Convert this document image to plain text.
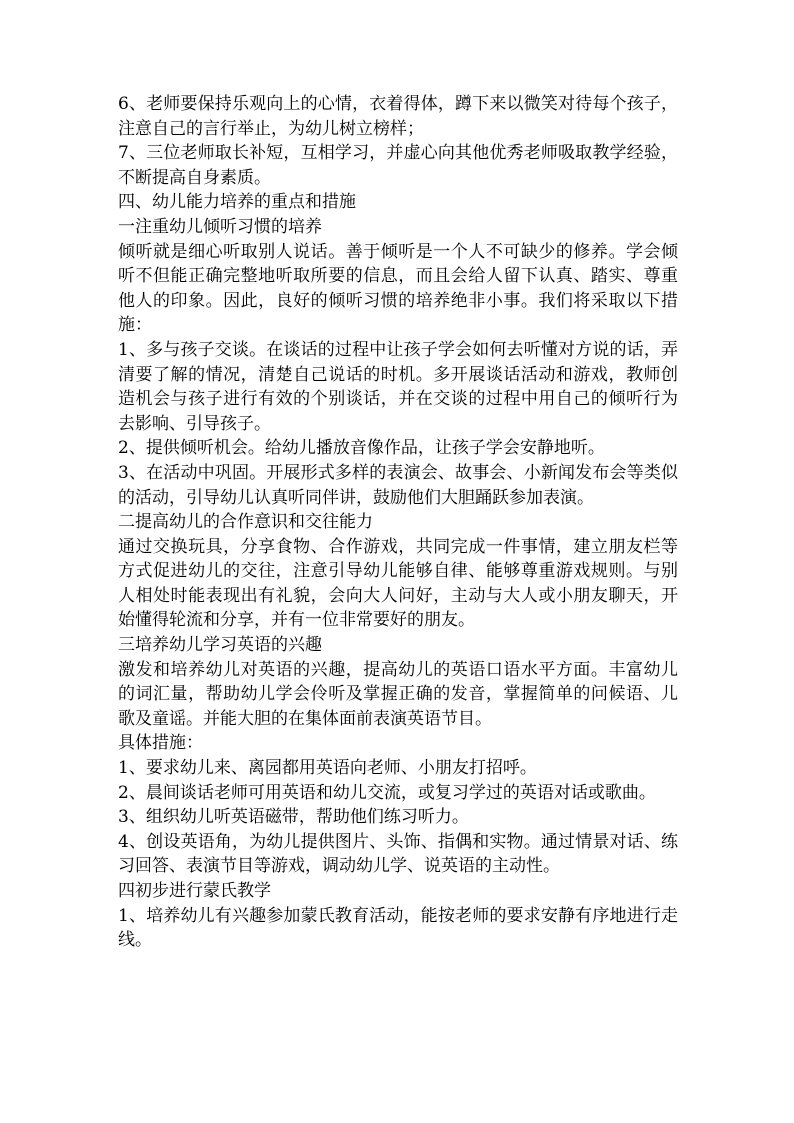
6、老师要保持乐观向上的心情，衣着得体，蹲下来以微笑对待每个孩子，注意自己的言行举止，为幼儿树立榜样；

7、三位老师取长补短，互相学习，并虚心向其他优秀老师吸取教学经验，不断提高自身素质。

四、幼儿能力培养的重点和措施

一注重幼儿倾听习惯的培养

倾听就是细心听取别人说话。善于倾听是一个人不可缺少的修养。学会倾听不但能正确完整地听取所要的信息，而且会给人留下认真、踏实、尊重他人的印象。因此，良好的倾听习惯的培养绝非小事。我们将采取以下措施：

1、多与孩子交谈。在谈话的过程中让孩子学会如何去听懂对方说的话，弄清要了解的情况，清楚自己说话的时机。多开展谈话活动和游戏，教师创造机会与孩子进行有效的个别谈话，并在交谈的过程中用自己的倾听行为去影响、引导孩子。

2、提供倾听机会。给幼儿播放音像作品，让孩子学会安静地听。

3、在活动中巩固。开展形式多样的表演会、故事会、小新闻发布会等类似的活动，引导幼儿认真听同伴讲，鼓励他们大胆踊跃参加表演。

二提高幼儿的合作意识和交往能力

通过交换玩具，分享食物、合作游戏，共同完成一件事情，建立朋友栏等方式促进幼儿的交往，注意引导幼儿能够自律、能够尊重游戏规则。与别人相处时能表现出有礼貌，会向大人问好，主动与大人或小朋友聊天，开始懂得轮流和分享，并有一位非常要好的朋友。

三培养幼儿学习英语的兴趣

激发和培养幼儿对英语的兴趣，提高幼儿的英语口语水平方面。丰富幼儿的词汇量，帮助幼儿学会伶听及掌握正确的发音，掌握简单的问候语、儿歌及童谣。并能大胆的在集体面前表演英语节目。

具体措施：

1、要求幼儿来、离园都用英语向老师、小朋友打招呼。

2、晨间谈话老师可用英语和幼儿交流，或复习学过的英语对话或歌曲。

3、组织幼儿听英语磁带，帮助他们练习听力。

4、创设英语角，为幼儿提供图片、头饰、指偶和实物。通过情景对话、练习回答、表演节目等游戏，调动幼儿学、说英语的主动性。

四初步进行蒙氏教学

1、培养幼儿有兴趣参加蒙氏教育活动，能按老师的要求安静有序地进行走线。
